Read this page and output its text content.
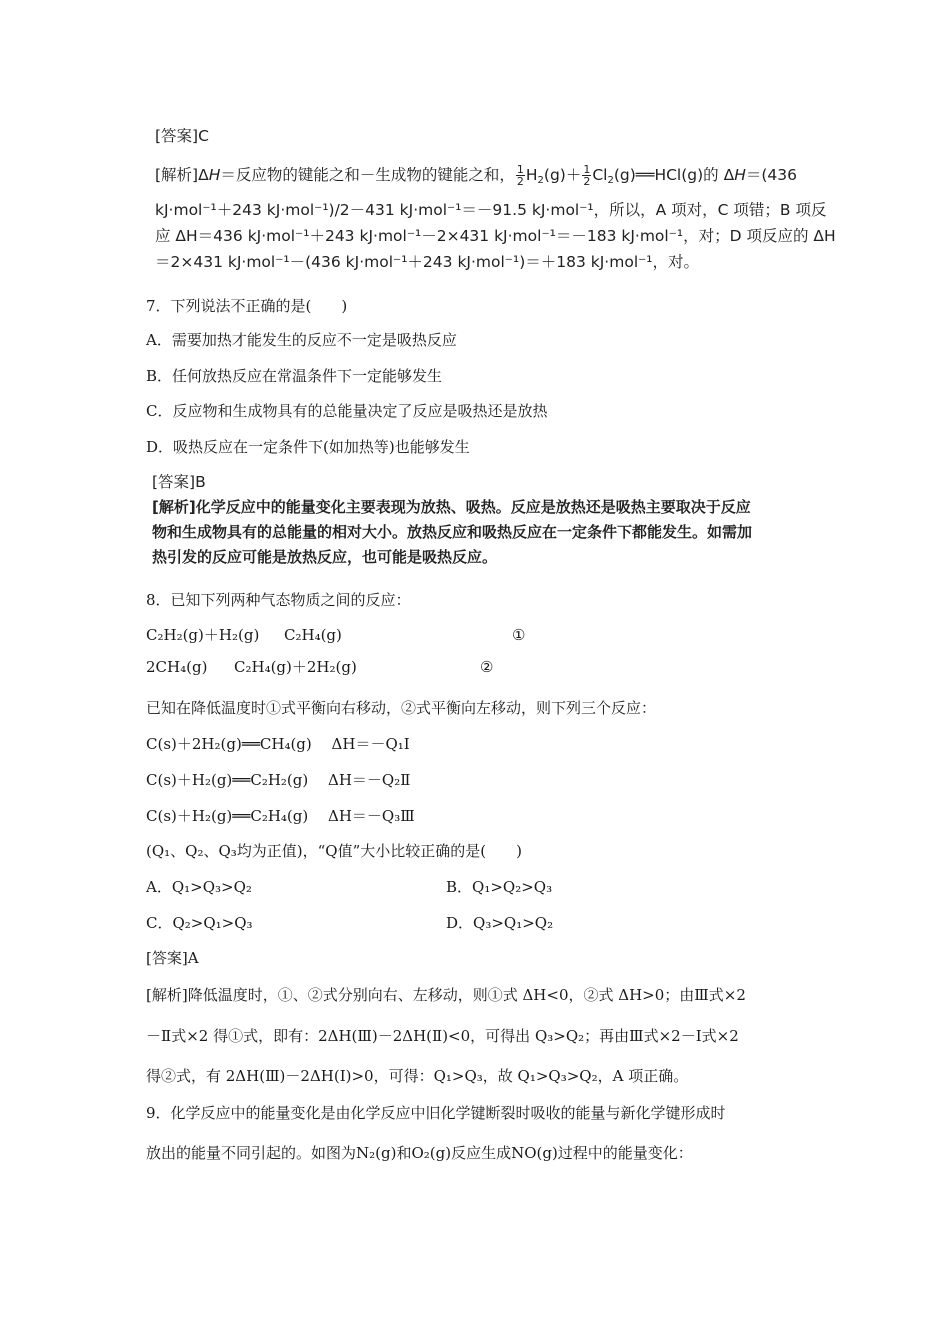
[答案]C
[解析]ΔH＝反应物的键能之和－生成物的键能之和， $\frac{1}{2} H_2(g)+ \frac{1}{2}$ $Cl_2(g)══HCl(g)$的 ΔH＝(436
kJ·mol⁻¹＋243 kJ·mol⁻¹)/2－431 kJ·mol⁻¹＝－91.5 kJ·mol⁻¹，所以，A 项对，C 项错；B 项反
应 ΔH＝436 kJ·mol⁻¹＋243 kJ·mol⁻¹－2×431 kJ·mol⁻¹＝－183 kJ·mol⁻¹，对；D 项反应的 ΔH
＝2×431 kJ·mol⁻¹－(436 kJ·mol⁻¹＋243 kJ·mol⁻¹)＝＋183 kJ·mol⁻¹，对。
7．下列说法不正确的是(　　)
A．需要加热才能发生的反应不一定是吸热反应
B．任何放热反应在常温条件下一定能够发生
C．反应物和生成物具有的总能量决定了反应是吸热还是放热
D．吸热反应在一定条件下(如加热等)也能够发生
[答案]B
[解析]化学反应中的能量变化主要表现为放热、吸热。反应是放热还是吸热主要取决于反应
物和生成物具有的总能量的相对大小。放热反应和吸热反应在一定条件下都能发生。如需加
热引发的反应可能是放热反应，也可能是吸热反应。
8．已知下列两种气态物质之间的反应：
C₂H₂(g)＋H₂(g) C₂H₄(g)	①
2CH₄(g) C₂H₄(g)＋2H₂(g)	②
已知在降低温度时①式平衡向右移动，②式平衡向左移动，则下列三个反应：
C(s)＋2H₂(g)══CH₄(g)　 ΔH＝－Q₁Ⅰ
C(s)＋H₂(g)══C₂H₂(g)　 ΔH＝－Q₂Ⅱ
C(s)＋H₂(g)══C₂H₄(g)　 ΔH＝－Q₃Ⅲ
(Q₁、Q₂、Q₃均为正值)，“Q值”大小比较正确的是(　　)
A．Q₁>Q₃>Q₂	B．Q₁>Q₂>Q₃
C．Q₂>Q₁>Q₃	D．Q₃>Q₁>Q₂
[答案]A
[解析]降低温度时，①、②式分别向右、左移动，则①式 ΔH<0，②式 ΔH>0；由Ⅲ式×2
－Ⅱ式×2 得①式，即有：2ΔH(Ⅲ)－2ΔH(Ⅱ)<0，可得出 Q₃>Q₂；再由Ⅲ式×2－Ⅰ式×2
得②式，有 2ΔH(Ⅲ)－2ΔH(Ⅰ)>0，可得：Q₁>Q₃，故 Q₁>Q₃>Q₂，A 项正确。
9．化学反应中的能量变化是由化学反应中旧化学键断裂时吸收的能量与新化学键形成时
放出的能量不同引起的。如图为N₂(g)和O₂(g)反应生成NO(g)过程中的能量变化：
